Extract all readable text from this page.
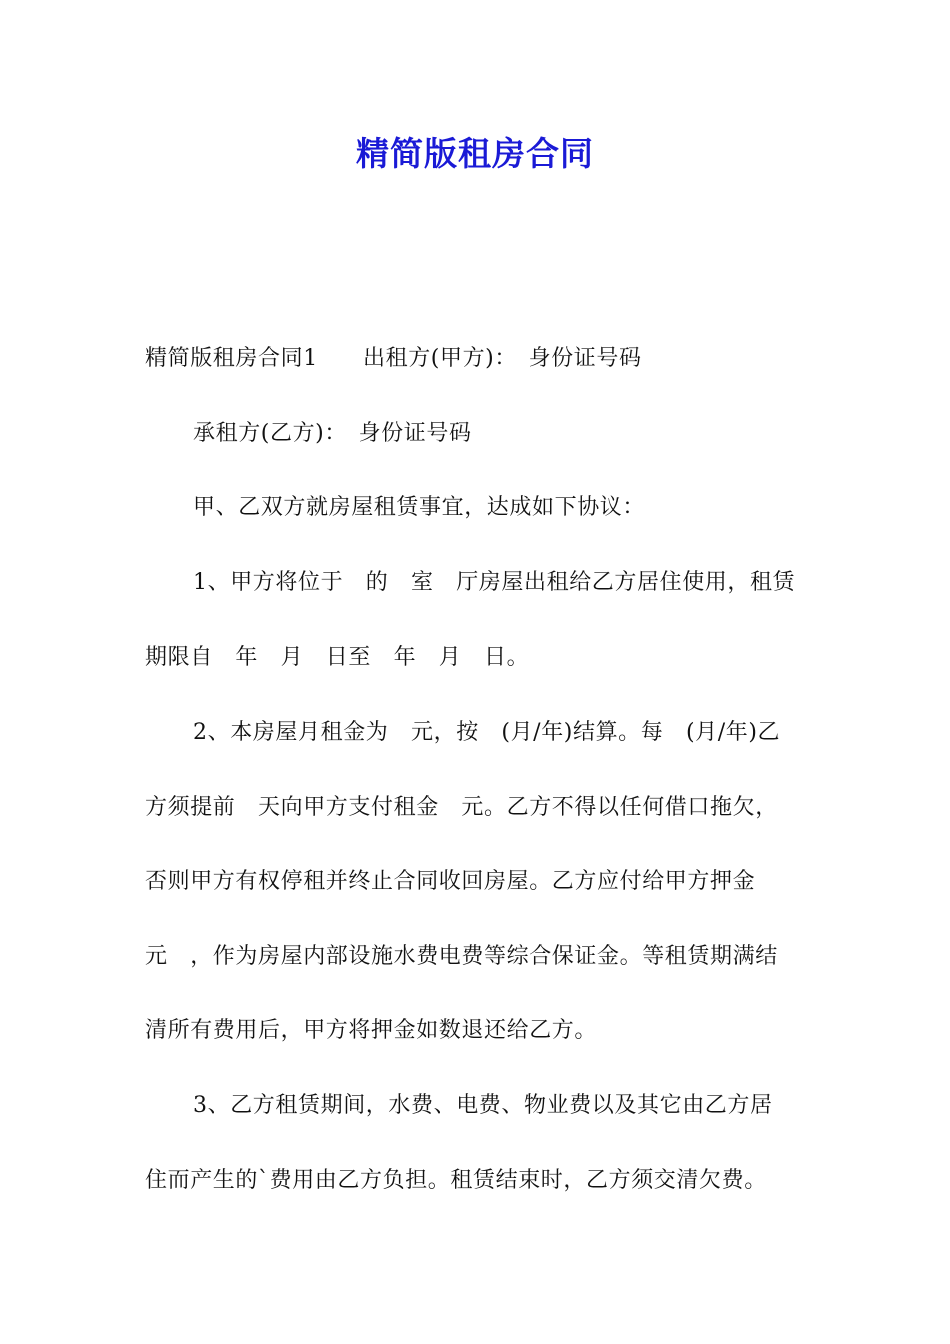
精简版租房合同
精简版租房合同1　　出租方(甲方)：　身份证号码
承租方(乙方)：　身份证号码
甲、乙双方就房屋租赁事宜，达成如下协议：
1、甲方将位于　的　室　厅房屋出租给乙方居住使用，租赁
期限自　年　月　日至　年　月　日。
2、本房屋月租金为　元，按　(月/年)结算。每　(月/年)乙
方须提前　天向甲方支付租金　元。乙方不得以任何借口拖欠，
否则甲方有权停租并终止合同收回房屋。乙方应付给甲方押金
元　，作为房屋内部设施水费电费等综合保证金。等租赁期满结
清所有费用后，甲方将押金如数退还给乙方。
3、乙方租赁期间，水费、电费、物业费以及其它由乙方居
住而产生的`费用由乙方负担。租赁结束时，乙方须交清欠费。
